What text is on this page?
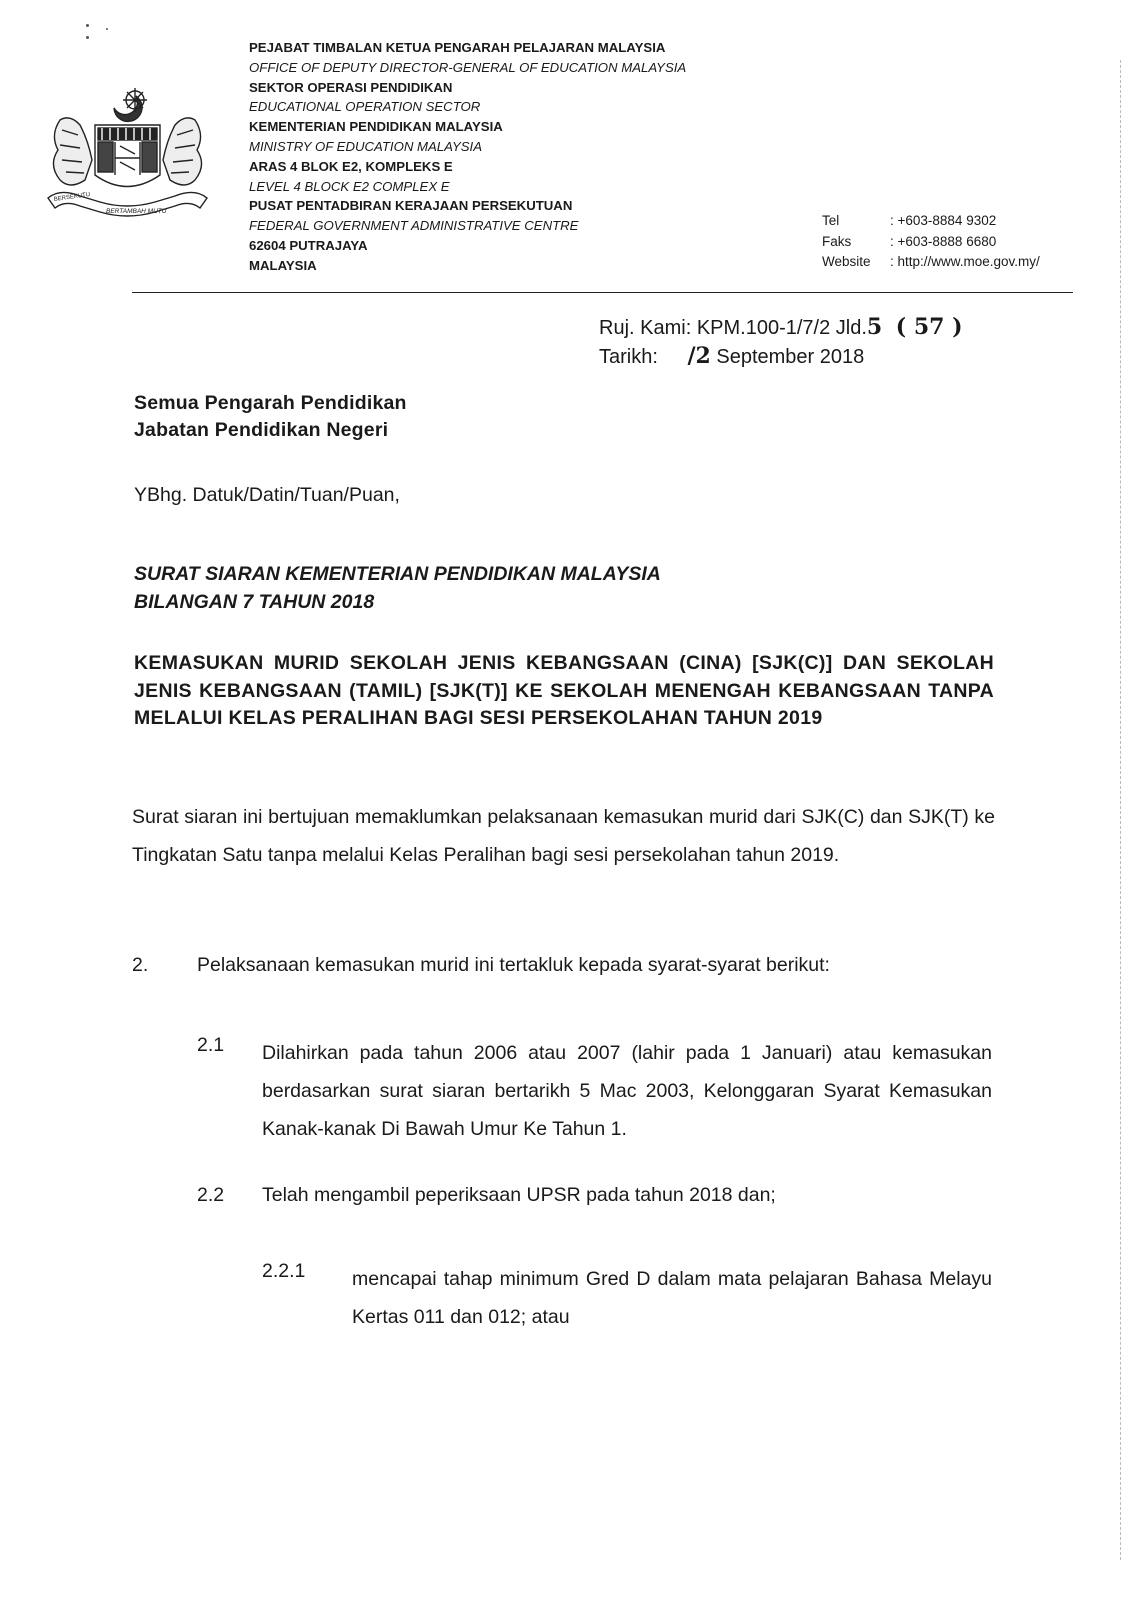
BERSEKUTU
BERTAMBAH MUTU
PEJABAT TIMBALAN KETUA PENGARAH PELAJARAN MALAYSIA
OFFICE OF DEPUTY DIRECTOR-GENERAL OF EDUCATION MALAYSIA
SEKTOR OPERASI PENDIDIKAN
EDUCATIONAL OPERATION SECTOR
KEMENTERIAN PENDIDIKAN MALAYSIA
MINISTRY OF EDUCATION MALAYSIA
ARAS 4 BLOK E2, KOMPLEKS E
LEVEL 4 BLOCK E2 COMPLEX E
PUSAT PENTADBIRAN KERAJAAN PERSEKUTUAN
FEDERAL GOVERNMENT ADMINISTRATIVE CENTRE
62604 PUTRAJAYA
MALAYSIA
Tel	: +603-8884 9302
Faks	: +603-8888 6680
Website	: http://www.moe.gov.my/
Ruj. Kami: KPM.100-1/7/2 Jld.5 ( 57 )
Tarikh: /2 September 2018
Semua Pengarah Pendidikan
Jabatan Pendidikan Negeri
YBhg. Datuk/Datin/Tuan/Puan,
SURAT SIARAN KEMENTERIAN PENDIDIKAN MALAYSIA
BILANGAN 7 TAHUN 2018
KEMASUKAN MURID SEKOLAH JENIS KEBANGSAAN (CINA) [SJK(C)] DAN SEKOLAH JENIS KEBANGSAAN (TAMIL) [SJK(T)] KE SEKOLAH MENENGAH KEBANGSAAN TANPA MELALUI KELAS PERALIHAN BAGI SESI PERSEKOLAHAN TAHUN 2019
Surat siaran ini bertujuan memaklumkan pelaksanaan kemasukan murid dari SJK(C) dan SJK(T) ke Tingkatan Satu tanpa melalui Kelas Peralihan bagi sesi persekolahan tahun 2019.
2. Pelaksanaan kemasukan murid ini tertakluk kepada syarat-syarat berikut:
2.1 Dilahirkan pada tahun 2006 atau 2007 (lahir pada 1 Januari) atau kemasukan berdasarkan surat siaran bertarikh 5 Mac 2003, Kelonggaran Syarat Kemasukan Kanak-kanak Di Bawah Umur Ke Tahun 1.
2.2 Telah mengambil peperiksaan UPSR pada tahun 2018 dan;
2.2.1 mencapai tahap minimum Gred D dalam mata pelajaran Bahasa Melayu Kertas 011 dan 012; atau
